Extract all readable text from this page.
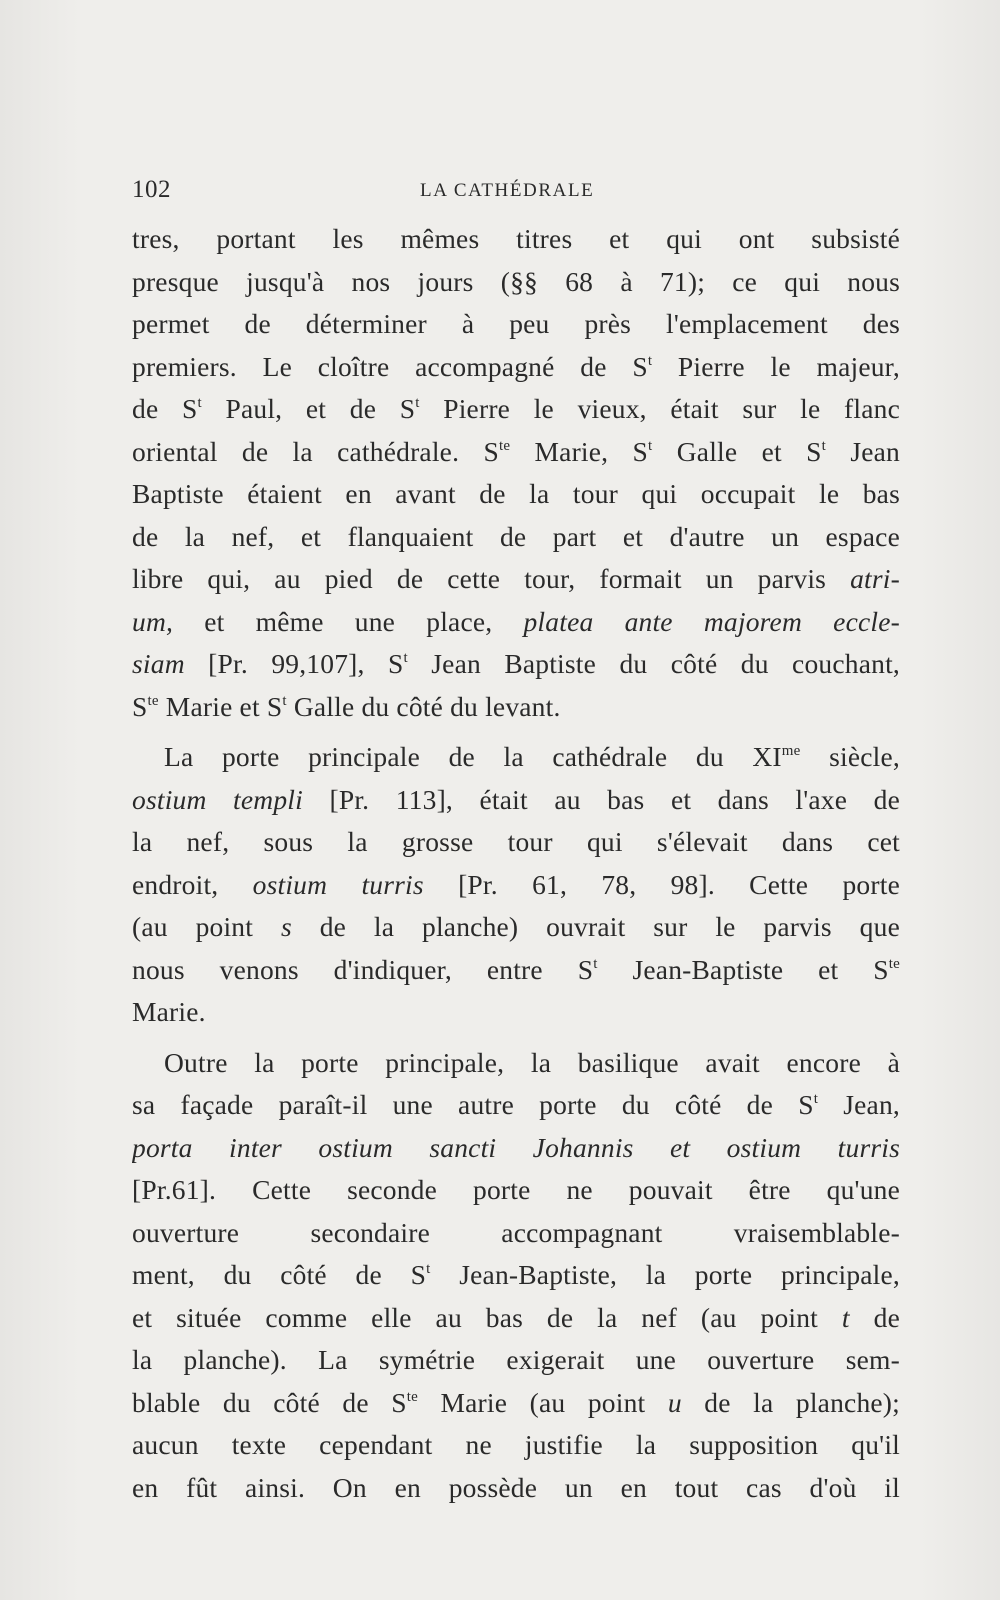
102	LA CATHÉDRALE
tres, portant les mêmes titres et qui ont subsisté
presque jusqu'à nos jours (§§ 68 à 71); ce qui nous
permet de déterminer à peu près l'emplacement des
premiers. Le cloître accompagné de $S^t$ Pierre le majeur,
de $S^t$ Paul, et de $S^t$ Pierre le vieux, était sur le flanc
oriental de la cathédrale. $S^{te}$ Marie, $S^t$ Galle et $S^t$ Jean
Baptiste étaient en avant de la tour qui occupait le bas
de la nef, et flanquaient de part et d'autre un espace
libre qui, au pied de cette tour, formait un parvis atri-
um, et même une place, platea ante majorem eccle-
siam [Pr. 99,107], $S^t$ Jean Baptiste du côté du couchant,
$S^{te}$ Marie et $S^t$ Galle du côté du levant.
La porte principale de la cathédrale du $XI^{me}$ siècle,
ostium templi [Pr. 113], était au bas et dans l'axe de
la nef, sous la grosse tour qui s'élevait dans cet
endroit, ostium turris [Pr. 61, 78, 98]. Cette porte
(au point s de la planche) ouvrait sur le parvis que
nous venons d'indiquer, entre $S^t$ Jean-Baptiste et $S^{te}$
Marie.
Outre la porte principale, la basilique avait encore à
sa façade paraît-il une autre porte du côté de $S^t$ Jean,
porta inter ostium sancti Johannis et ostium turris
[Pr.61]. Cette seconde porte ne pouvait être qu'une
ouverture secondaire accompagnant vraisemblable-
ment, du côté de $S^t$ Jean-Baptiste, la porte principale,
et située comme elle au bas de la nef (au point t de
la planche). La symétrie exigerait une ouverture sem-
blable du côté de $S^{te}$ Marie (au point u de la planche);
aucun texte cependant ne justifie la supposition qu'il
en fût ainsi. On en possède un en tout cas d'où il
